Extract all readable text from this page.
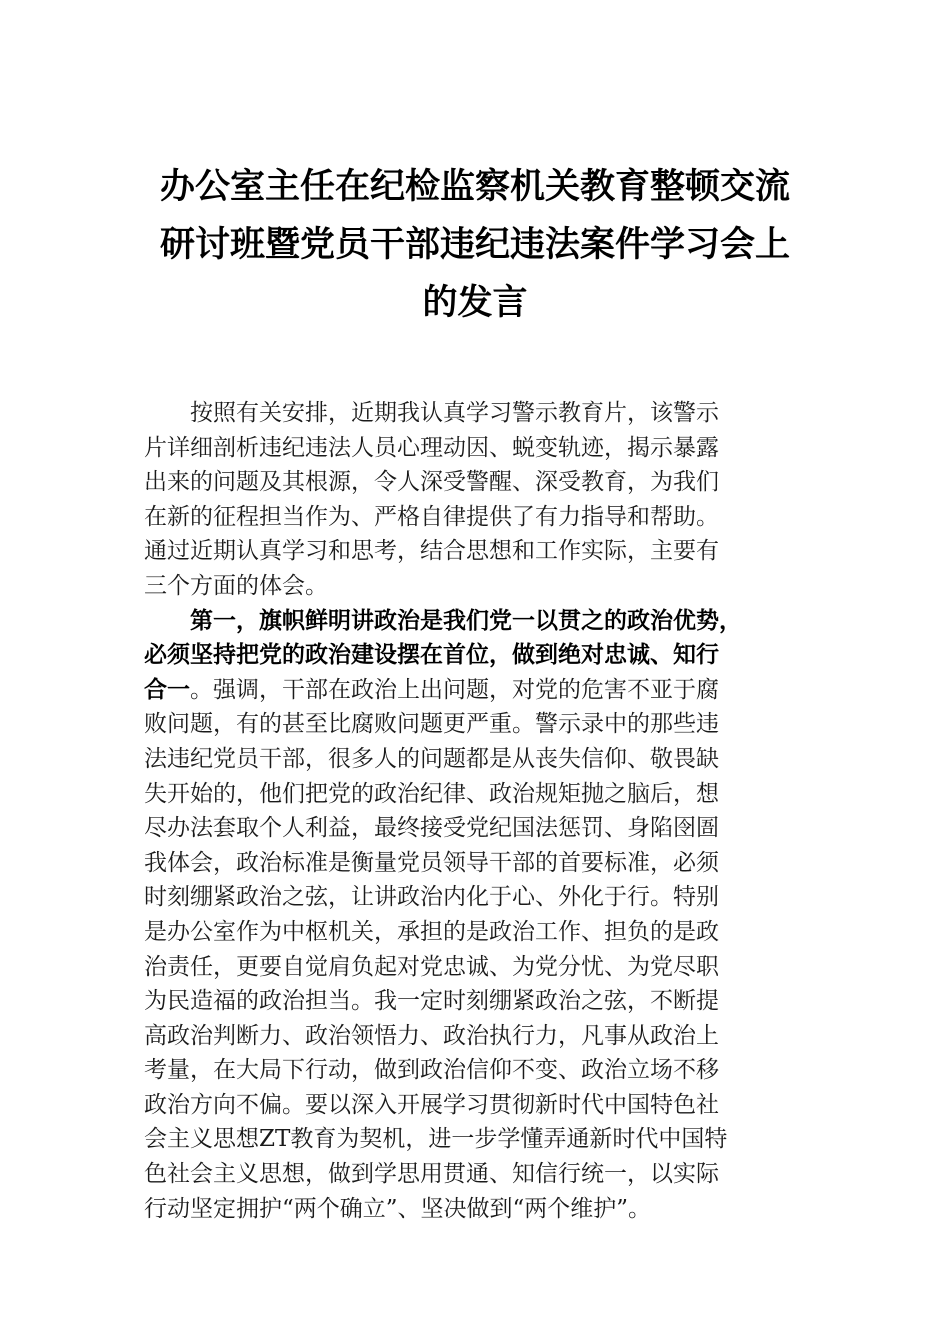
办公室主任在纪检监察机关教育整顿交流
研讨班暨党员干部违纪违法案件学习会上
的发言

按照有关安排，近期我认真学习警示教育片，该警示
片详细剖析违纪违法人员心理动因、蜕变轨迹，揭示暴露
出来的问题及其根源，令人深受警醒、深受教育，为我们
在新的征程担当作为、严格自律提供了有力指导和帮助。
通过近期认真学习和思考，结合思想和工作实际，主要有
三个方面的体会。

第一，旗帜鲜明讲政治是我们党一以贯之的政治优势，
必须坚持把党的政治建设摆在首位，做到绝对忠诚、知行
合一。强调，干部在政治上出问题，对党的危害不亚于腐
败问题，有的甚至比腐败问题更严重。警示录中的那些违
法违纪党员干部，很多人的问题都是从丧失信仰、敬畏缺
失开始的，他们把党的政治纪律、政治规矩抛之脑后，想
尽办法套取个人利益，最终接受党纪国法惩罚、身陷囹圄
我体会，政治标准是衡量党员领导干部的首要标准，必须
时刻绷紧政治之弦，让讲政治内化于心、外化于行。特别
是办公室作为中枢机关，承担的是政治工作、担负的是政
治责任，更要自觉肩负起对党忠诚、为党分忧、为党尽职
为民造福的政治担当。我一定时刻绷紧政治之弦，不断提
高政治判断力、政治领悟力、政治执行力，凡事从政治上
考量，在大局下行动，做到政治信仰不变、政治立场不移
政治方向不偏。要以深入开展学习贯彻新时代中国特色社
会主义思想ZT教育为契机，进一步学懂弄通新时代中国特
色社会主义思想，做到学思用贯通、知信行统一，以实际
行动坚定拥护“两个确立”、坚决做到“两个维护”。
